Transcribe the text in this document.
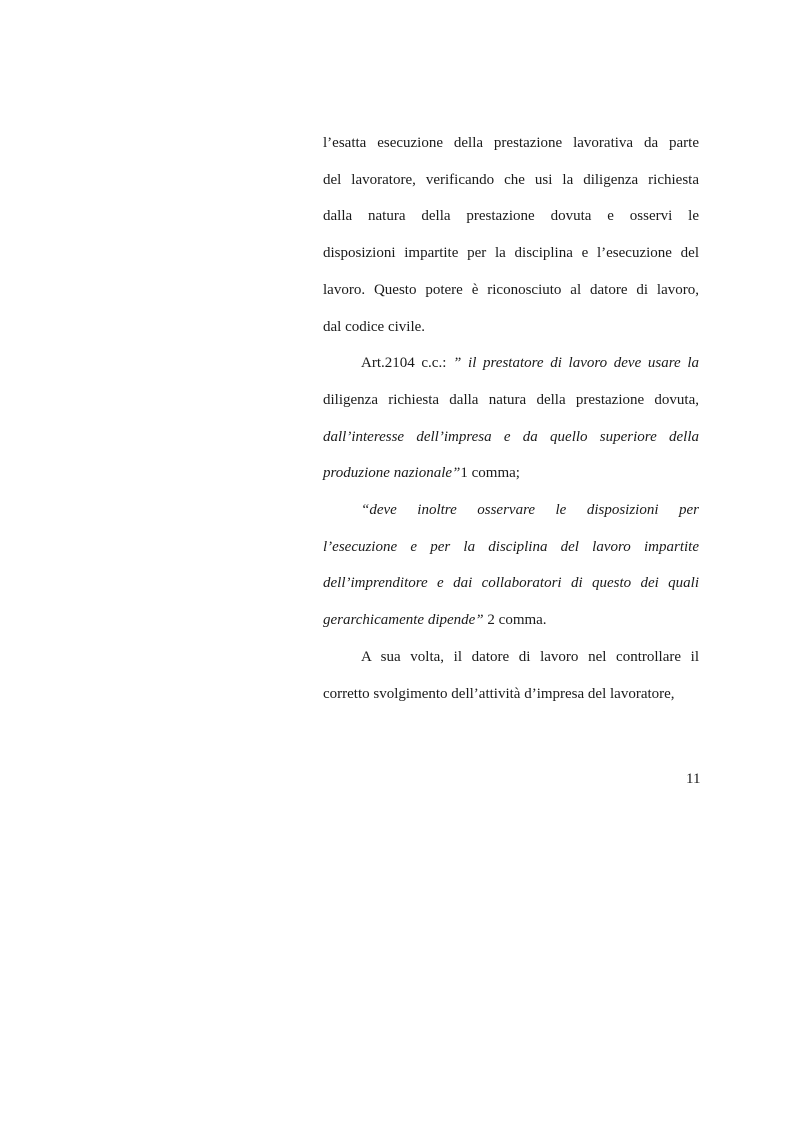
l’esatta esecuzione della prestazione lavorativa da parte
del lavoratore, verificando che usi la diligenza richiesta
dalla natura della prestazione dovuta e osservi le
disposizioni impartite per la disciplina e l’esecuzione del
lavoro. Questo potere è riconosciuto al datore di lavoro,
dal codice civile.
Art.2104 c.c.: ” il prestatore di lavoro deve usare la
diligenza richiesta dalla natura della prestazione dovuta,
dall’interesse dell’impresa e da quello superiore della
produzione nazionale”1 comma;
“deve inoltre osservare le disposizioni per
l’esecuzione e per la disciplina del lavoro impartite
dell’imprenditore e dai collaboratori di questo dei quali
gerarchicamente dipende” 2 comma.
A sua volta, il datore di lavoro nel controllare il
corretto svolgimento dell’attività d’impresa del lavoratore,
11
